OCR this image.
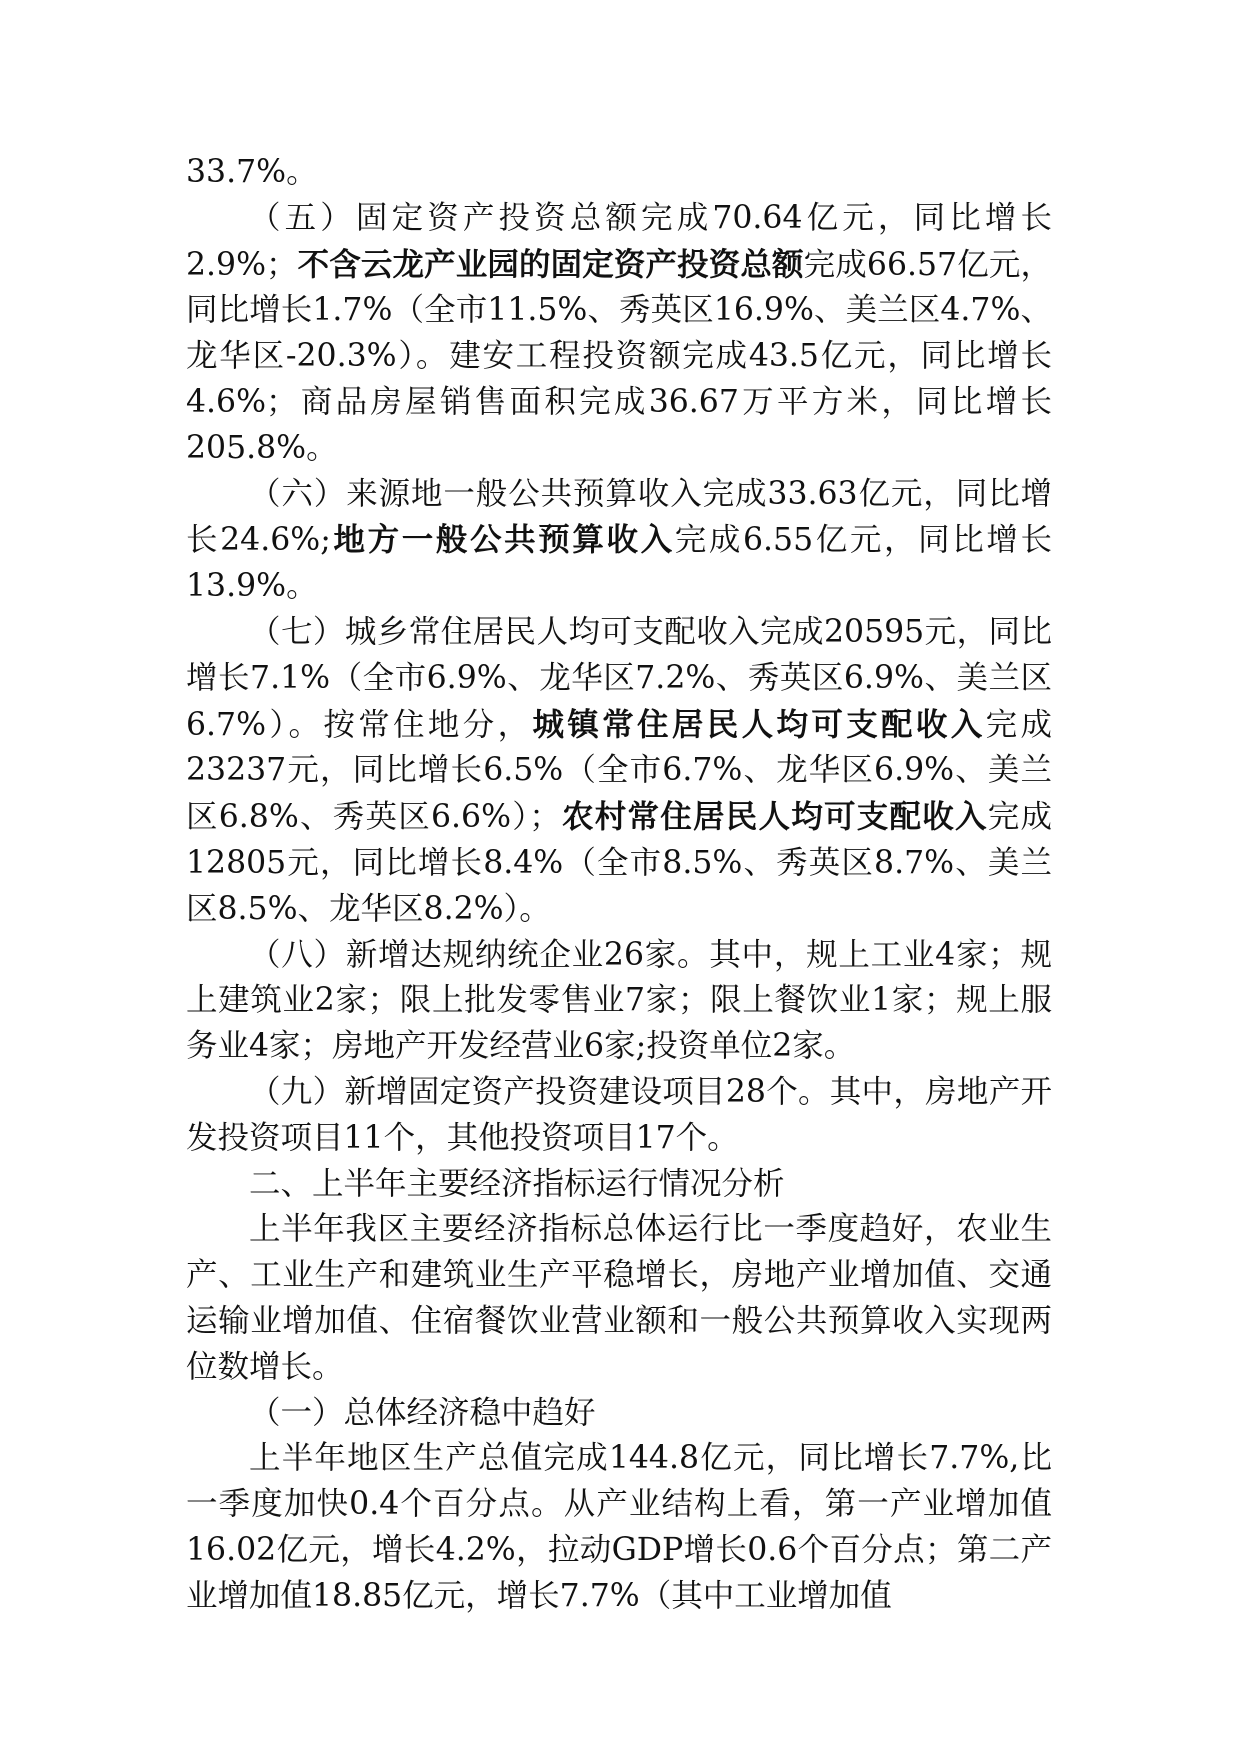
33.7%。

（五）固定资产投资总额完成70.64亿元，同比增长2.9%；不含云龙产业园的固定资产投资总额完成66.57亿元，同比增长1.7%（全市11.5%、秀英区16.9%、美兰区4.7%、龙华区-20.3%）。建安工程投资额完成43.5亿元，同比增长4.6%；商品房屋销售面积完成36.67万平方米，同比增长205.8%。

（六）来源地一般公共预算收入完成33.63亿元，同比增长24.6%;地方一般公共预算收入完成6.55亿元，同比增长13.9%。

（七）城乡常住居民人均可支配收入完成20595元，同比增长7.1%（全市6.9%、龙华区7.2%、秀英区6.9%、美兰区6.7%）。按常住地分，城镇常住居民人均可支配收入完成23237元，同比增长6.5%（全市6.7%、龙华区6.9%、美兰区6.8%、秀英区6.6%）；农村常住居民人均可支配收入完成12805元，同比增长8.4%（全市8.5%、秀英区8.7%、美兰区8.5%、龙华区8.2%）。

（八）新增达规纳统企业26家。其中，规上工业4家；规上建筑业2家；限上批发零售业7家；限上餐饮业1家；规上服务业4家；房地产开发经营业6家;投资单位2家。

（九）新增固定资产投资建设项目28个。其中，房地产开发投资项目11个，其他投资项目17个。

二、上半年主要经济指标运行情况分析

上半年我区主要经济指标总体运行比一季度趋好，农业生产、工业生产和建筑业生产平稳增长，房地产业增加值、交通运输业增加值、住宿餐饮业营业额和一般公共预算收入实现两位数增长。

（一）总体经济稳中趋好

上半年地区生产总值完成144.8亿元，同比增长7.7%,比一季度加快0.4个百分点。从产业结构上看，第一产业增加值16.02亿元，增长4.2%，拉动GDP增长0.6个百分点；第二产业增加值18.85亿元，增长7.7%（其中工业增加值
